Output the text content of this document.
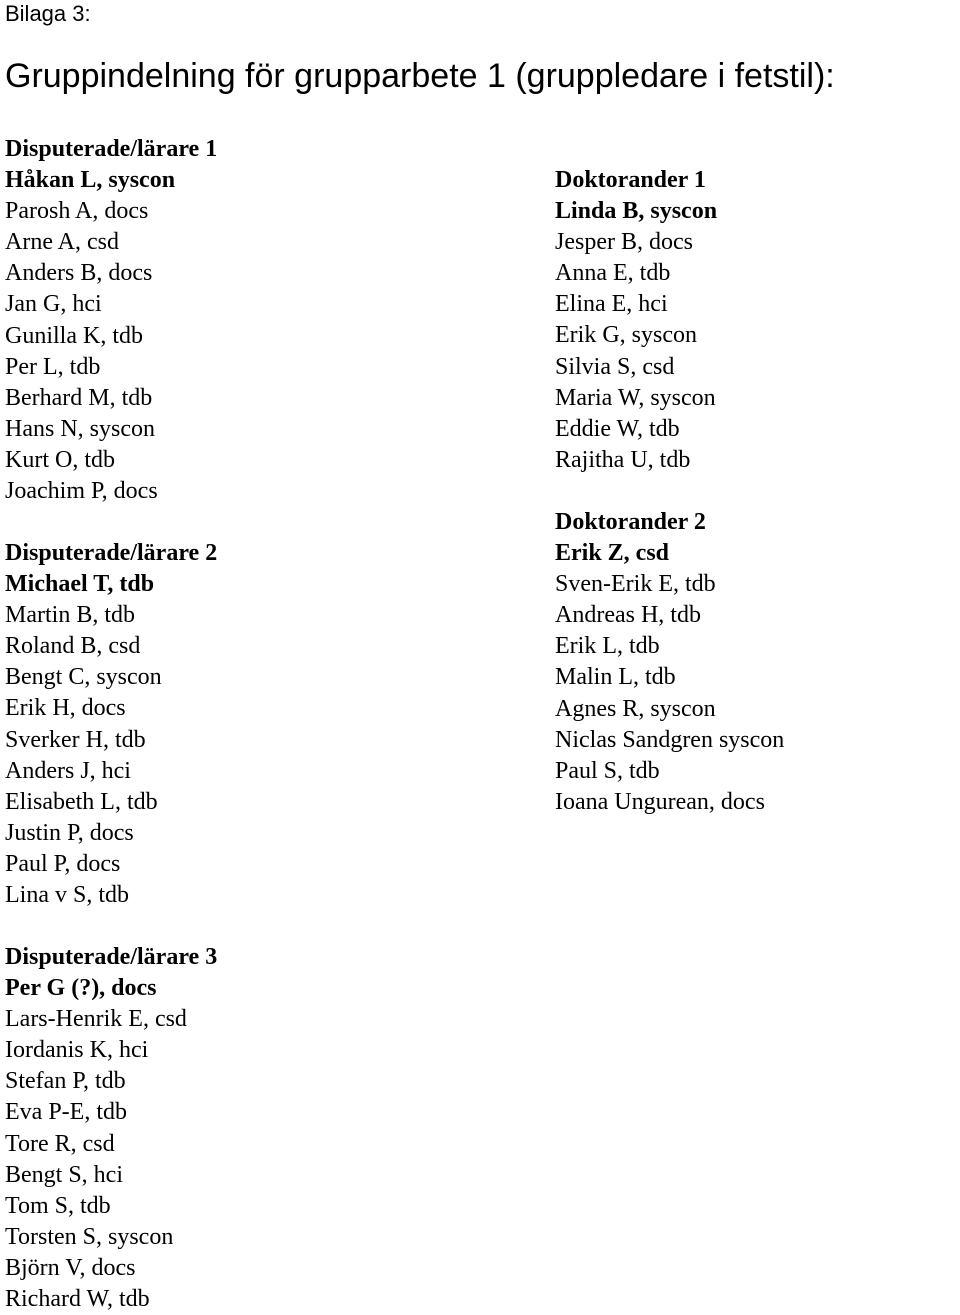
Bilaga 3:
Gruppindelning för grupparbete 1 (gruppledare i fetstil):
Disputerade/lärare 1
Håkan L, syscon
Parosh A, docs
Arne A, csd
Anders B, docs
Jan G, hci
Gunilla K, tdb
Per L, tdb
Berhard M, tdb
Hans N, syscon
Kurt O, tdb
Joachim P, docs
Disputerade/lärare 2
Michael T, tdb
Martin B, tdb
Roland B, csd
Bengt C, syscon
Erik H, docs
Sverker H, tdb
Anders J, hci
Elisabeth L, tdb
Justin P, docs
Paul P, docs
Lina v S, tdb
Disputerade/lärare 3
Per G (?), docs
Lars-Henrik E, csd
Iordanis K, hci
Stefan P, tdb
Eva P-E, tdb
Tore R, csd
Bengt S, hci
Tom S, tdb
Torsten S, syscon
Björn V, docs
Richard W, tdb
Doktorander 1
Linda B, syscon
Jesper B, docs
Anna E, tdb
Elina E, hci
Erik G, syscon
Silvia S, csd
Maria W, syscon
Eddie W, tdb
Rajitha U, tdb
Doktorander 2
Erik Z, csd
Sven-Erik E, tdb
Andreas H, tdb
Erik L, tdb
Malin L, tdb
Agnes R, syscon
Niclas Sandgren syscon
Paul S, tdb
Ioana Ungurean, docs
